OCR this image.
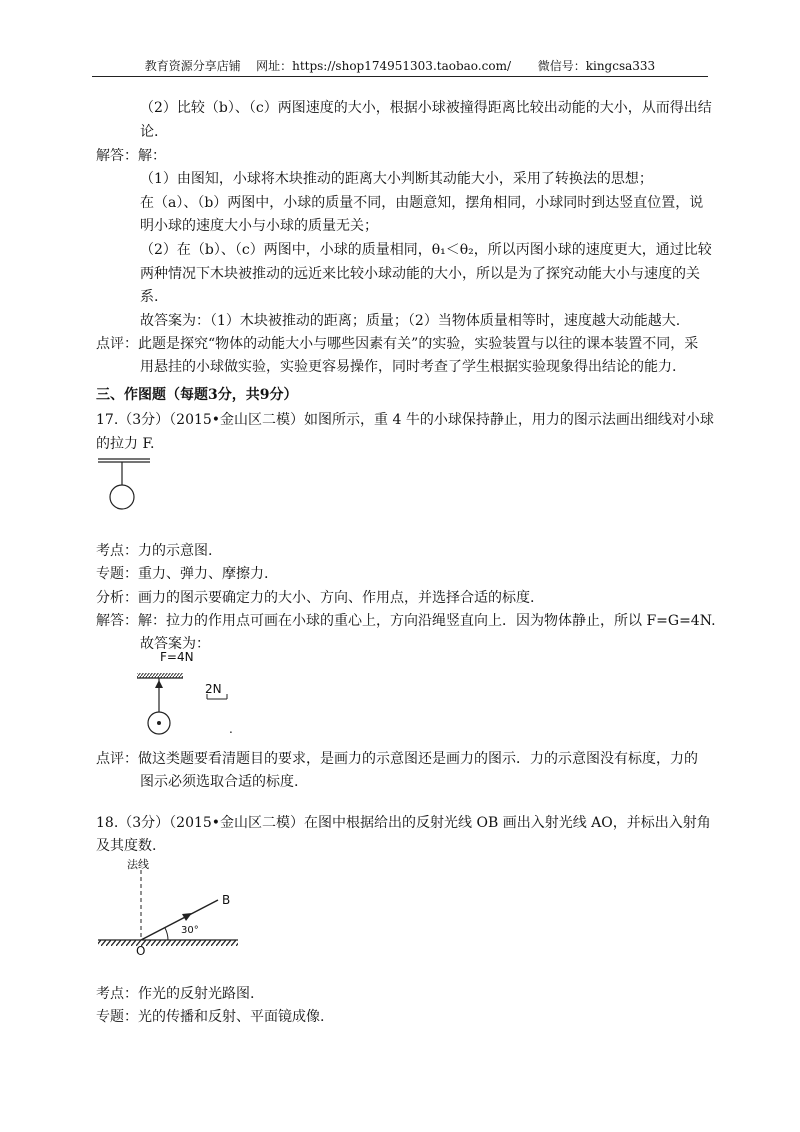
教育资源分享店铺 网址：https://shop174951303.taobao.com/ 微信号：kingcsa333
（2）比较（b）、（c）两图速度的大小，根据小球被撞得距离比较出动能的大小，从而得出结
论.
解答：解：
（1）由图知，小球将木块推动的距离大小判断其动能大小，采用了转换法的思想；
在（a）、（b）两图中，小球的质量不同，由题意知，摆角相同，小球同时到达竖直位置，说
明小球的速度大小与小球的质量无关；
（2）在（b）、（c）两图中，小球的质量相同，θ₁＜θ₂，所以丙图小球的速度更大，通过比较
两种情况下木块被推动的远近来比较小球动能的大小，所以是为了探究动能大小与速度的关
系.
故答案为：（1）木块被推动的距离；质量；（2）当物体质量相等时，速度越大动能越大.
点评：此题是探究“物体的动能大小与哪些因素有关”的实验，实验装置与以往的课本装置不同，采
用悬挂的小球做实验，实验更容易操作，同时考查了学生根据实验现象得出结论的能力.
三、作图题（每题3分，共9分）
17.（3分）（2015•金山区二模）如图所示，重 4 牛的小球保持静止，用力的图示法画出细线对小球
的拉力 F.
考点：力的示意图.
专题：重力、弹力、摩擦力.
分析：画力的图示要确定力的大小、方向、作用点，并选择合适的标度.
解答：解：拉力的作用点可画在小球的重心上，方向沿绳竖直向上．因为物体静止，所以 F=G=4N.
故答案为：
F=4N
2N
.
点评：做这类题要看清题目的要求，是画力的示意图还是画力的图示．力的示意图没有标度，力的
图示必须选取合适的标度.
18.（3分）（2015•金山区二模）在图中根据给出的反射光线 OB 画出入射光线 AO，并标出入射角
及其度数.
法线
B
30°
O
考点：作光的反射光路图.
专题：光的传播和反射、平面镜成像.
